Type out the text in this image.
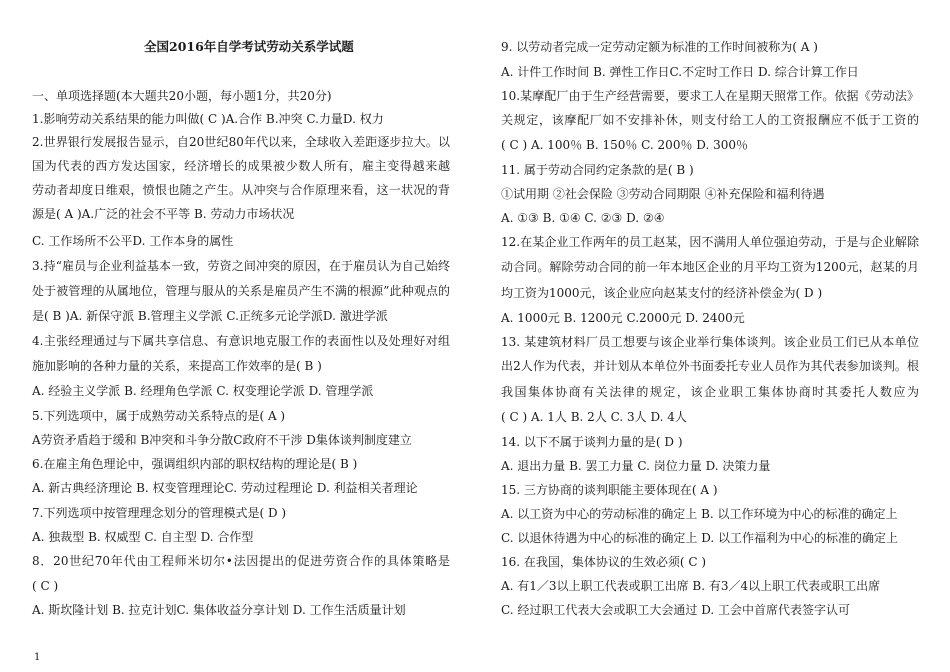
全国2016年自学考试劳动关系学试题
一、单项选择题(本大题共20小题，每小题1分，共20分)
1.影响劳动关系结果的能力叫做( C )A.合作 B.冲突 C.力量D. 权力
2.世界银行发展报告显示，自20世纪80年代以来，全球收入差距逐步拉大。以
国为代表的西方发达国家，经济增长的成果被少数人所有，雇主变得越来越
劳动者却度日维艰，愤恨也随之产生。从冲突与合作原理来看，这一状况的背
源是( A )A.广泛的社会不平等 B. 劳动力市场状况
C. 工作场所不公平D. 工作本身的属性
3.持“雇员与企业利益基本一致，劳资之间冲突的原因，在于雇员认为自己始终
处于被管理的从属地位，管理与服从的关系是雇员产生不满的根源”此种观点的
是( B )A. 新保守派 B.管理主义学派 C.正统多元论学派D. 激进学派
4.主张经理通过与下属共享信息、有意识地克服工作的表面性以及处理好对组
施加影响的各种力量的关系，来提高工作效率的是( B )
A. 经验主义学派 B. 经理角色学派 C. 权变理论学派 D. 管理学派
5.下列选项中，属于成熟劳动关系特点的是( A )
A劳资矛盾趋于缓和 B冲突和斗争分散C政府不干涉 D集体谈判制度建立
6.在雇主角色理论中，强调组织内部的职权结构的理论是( B )
A. 新古典经济理论 B. 权变管理理论C. 劳动过程理论 D. 利益相关者理论
7.下列选项中按管理理念划分的管理模式是( D )
A. 独裁型 B. 权威型 C. 自主型 D. 合作型
8．20世纪70年代由工程师米切尔•法因提出的促进劳资合作的具体策略是
( C )
A. 斯坎隆计划 B. 拉克计划C. 集体收益分享计划 D. 工作生活质量计划
9. 以劳动者完成一定劳动定额为标准的工作时间被称为( A )
A. 计件工作时间 B. 弹性工作日C.不定时工作日 D. 综合计算工作日
10.某摩配厂由于生产经营需要，要求工人在星期天照常工作。依据《劳动法》
关规定，该摩配厂如不安排补休，则支付给工人的工资报酬应不低于工资的
( C ) A. 100％ B. 150％ C. 200％ D. 300％
11. 属于劳动合同约定条款的是( B )
①试用期 ②社会保险 ③劳动合同期限 ④补充保险和福利待遇
A. ①③ B. ①④ C. ②③ D. ②④
12.在某企业工作两年的员工赵某，因不满用人单位强迫劳动，于是与企业解除
动合同。解除劳动合同的前一年本地区企业的月平均工资为1200元，赵某的月
均工资为1000元，该企业应向赵某支付的经济补偿金为( D )
A. 1000元 B. 1200元 C.2000元 D. 2400元
13. 某建筑材料厂员工想要与该企业举行集体谈判。该企业员工们已从本单位
出2人作为代表，并计划从本单位外书面委托专业人员作为其代表参加谈判。根
我国集体协商有关法律的规定，该企业职工集体协商时其委托人数应为
( C ) A. 1人 B. 2人 C. 3人 D. 4人
14. 以下不属于谈判力量的是( D )
A. 退出力量 B. 罢工力量 C. 岗位力量 D. 决策力量
15. 三方协商的谈判职能主要体现在( A )
A. 以工资为中心的劳动标准的确定上 B. 以工作环境为中心的标准的确定上
C. 以退休待遇为中心的标准的确定上 D. 以工作福利为中心的标准的确定上
16. 在我国，集体协议的生效必须( C )
A. 有1／3以上职工代表或职工出席 B. 有3／4以上职工代表或职工出席
C. 经过职工代表大会或职工大会通过 D. 工会中首席代表签字认可
1
